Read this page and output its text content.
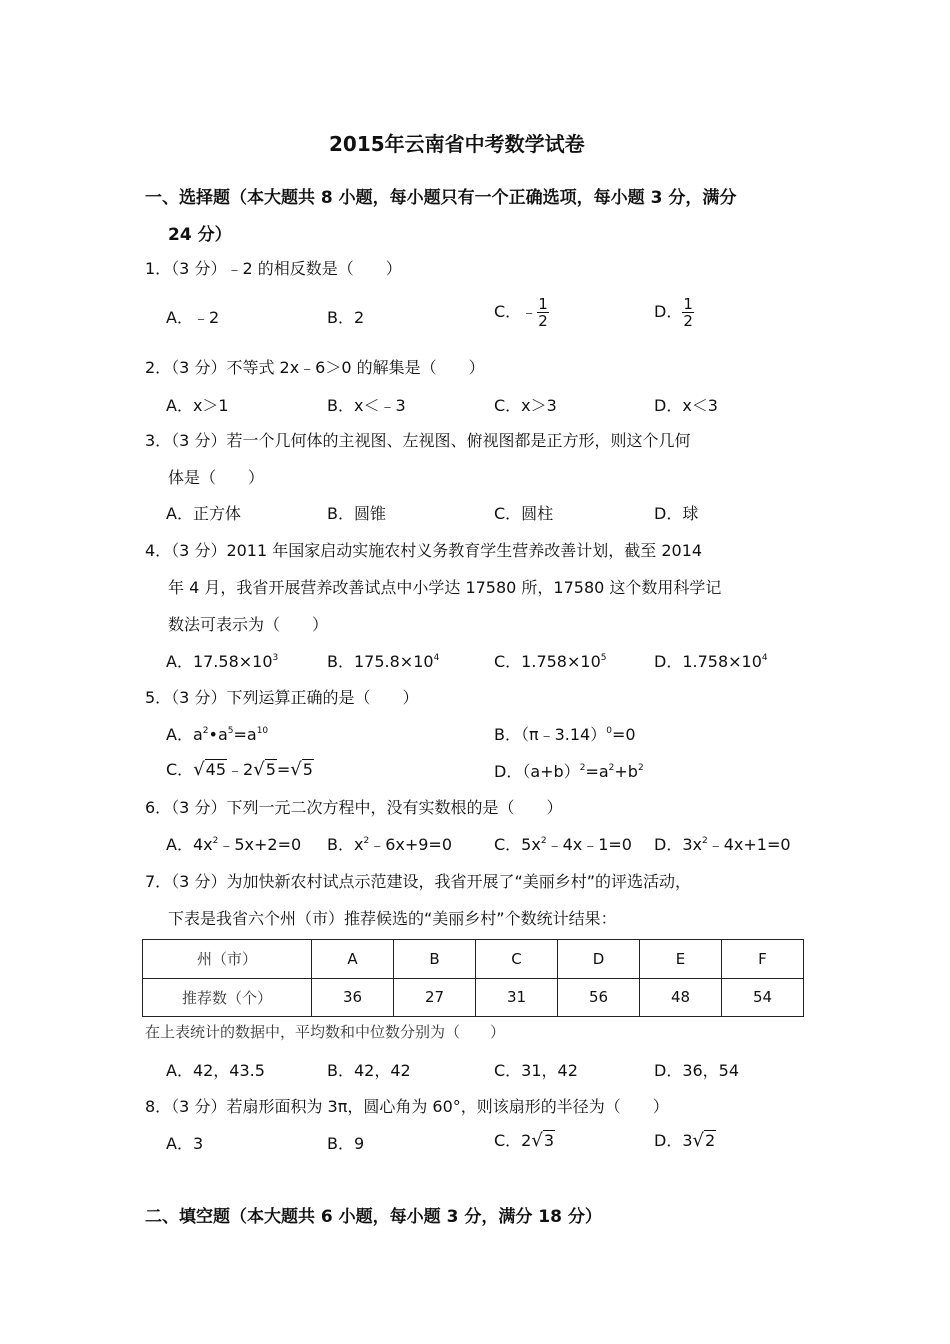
2015年云南省中考数学试卷
一、选择题（本大题共 8 小题，每小题只有一个正确选项，每小题 3 分，满分
24 分）
1．（3 分）﹣2 的相反数是（　　）
A．﹣2	B．2	C．﹣ $\frac{1}{2}$	D． $\frac{1}{2}$
2．（3 分）不等式 2x﹣6＞0 的解集是（　　）
A．x＞1	B．x＜﹣3	C．x＞3	D．x＜3
3．（3 分）若一个几何体的主视图、左视图、俯视图都是正方形，则这个几何
体是（　　）
A．正方体	B．圆锥	C．圆柱	D．球
4．（3 分）2011 年国家启动实施农村义务教育学生营养改善计划，截至 2014
年 4 月，我省开展营养改善试点中小学达 17580 所，17580 这个数用科学记
数法可表示为（　　）
A．$17.58\times 10^3$	B．$175.8\times 10^4$	C．$1.758\times 10^5$	D．$1.758\times 10^4$
5．（3 分）下列运算正确的是（　　）
A．$a^2•a^5=a^{10}$	B．（π﹣3.14）$^0$=0
C．√45﹣2√5=√5	D．$(a+b)^2=a^2+b^2$
6．（3 分）下列一元二次方程中，没有实数根的是（　　）
A．$4x^2﹣5x+2=0$ B．$x^2﹣6x+9=0$	C．$5x^2﹣4x﹣1=0$ D．$3x^2﹣4x+1=0$
7．（3 分）为加快新农村试点示范建设，我省开展了“美丽乡村”的评选活动，
下表是我省六个州（市）推荐候选的“美丽乡村”个数统计结果：
州（市）	A	B	C	D	E	F
推荐数（个）	36	27	31	56	48	54
在上表统计的数据中，平均数和中位数分别为（　　）
A．42，43.5	B．42，42	C．31，42	D．36，54
8．（3 分）若扇形面积为 3π，圆心角为 60°，则该扇形的半径为（　　）
A．3	B．9	C．2√3	D．3√2
二、填空题（本大题共 6 小题，每小题 3 分，满分 18 分）
